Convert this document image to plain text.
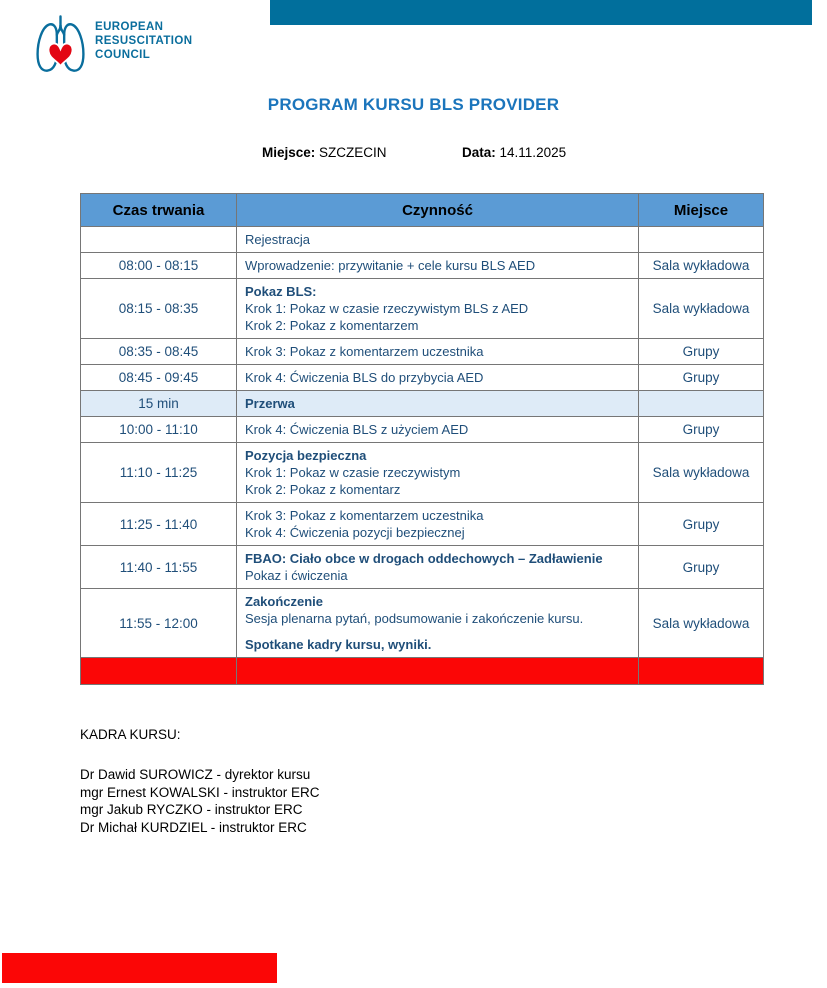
EUROPEAN
RESUSCITATION
COUNCIL
PROGRAM KURSU BLS PROVIDER
Miejsce: SZCZECIN	Data: 14.11.2025
Czas trwania	Czynność	Miejsce

	Rejestracja	

08:00 - 08:15	Wprowadzenie: przywitanie + cele kursu BLS AED	Sala wykładowa
08:15 - 08:35	Pokaz BLS:
Krok 1: Pokaz w czasie rzeczywistym BLS z AED
Krok 2: Pokaz z komentarzem	Sala wykładowa
08:35 - 08:45	Krok 3: Pokaz z komentarzem uczestnika	Grupy
08:45 - 09:45	Krok 4: Ćwiczenia BLS do przybycia AED	Grupy
15 min	Przerwa	

10:00 - 11:10	Krok 4: Ćwiczenia BLS z użyciem AED	Grupy
11:10 - 11:25	Pozycja bezpieczna
Krok 1: Pokaz w czasie rzeczywistym
Krok 2: Pokaz z komentarz	Sala wykładowa
11:25 - 11:40	Krok 3: Pokaz z komentarzem uczestnika
Krok 4: Ćwiczenia pozycji bezpiecznej	Grupy
11:40 - 11:55	FBAO: Ciało obce w drogach oddechowych – Zadławienie
Pokaz i ćwiczenia	Grupy
11:55 - 12:00	Zakończenie
Sesja plenarna pytań, podsumowanie i zakończenie kursu.
Spotkane kadry kursu, wyniki.	Sala wykładowa

KADRA KURSU:
Dr Dawid SUROWICZ - dyrektor kursu
mgr Ernest KOWALSKI - instruktor ERC
mgr Jakub RYCZKO - instruktor ERC
Dr Michał KURDZIEL - instruktor ERC
